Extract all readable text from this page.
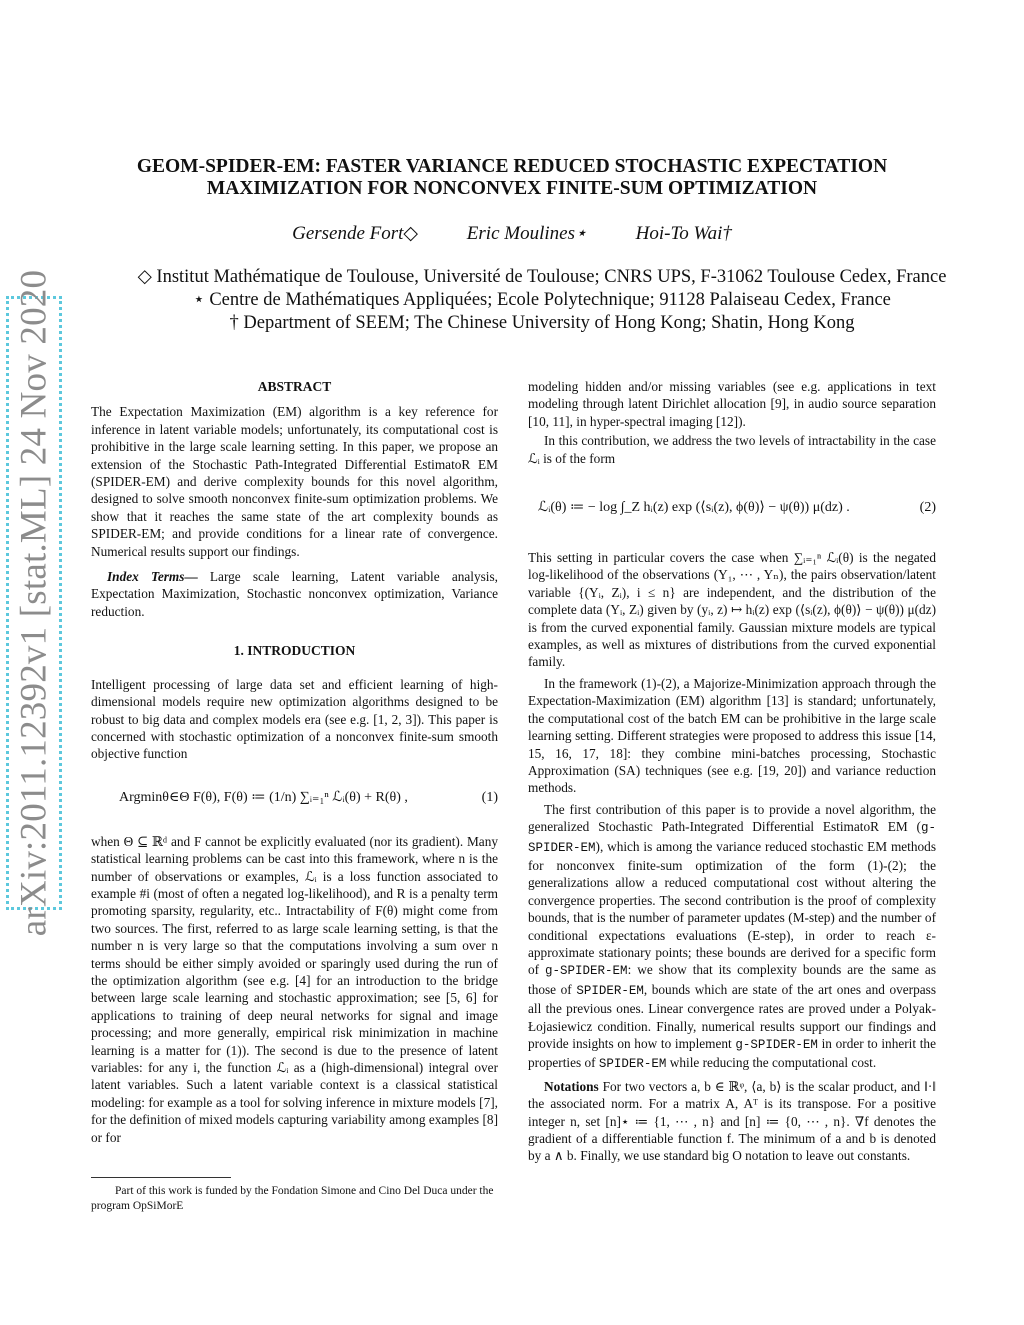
arXiv:2011.12392v1 [stat.ML] 24 Nov 2020
GEOM-SPIDER-EM: FASTER VARIANCE REDUCED STOCHASTIC EXPECTATION
MAXIMIZATION FOR NONCONVEX FINITE-SUM OPTIMIZATION
Gersende Fort◇	Eric Moulines⋆	Hoi-To Wai†
◇ Institut Mathématique de Toulouse, Université de Toulouse; CNRS UPS, F-31062 Toulouse Cedex, France
⋆ Centre de Mathématiques Appliquées; Ecole Polytechnique; 91128 Palaiseau Cedex, France
† Department of SEEM; The Chinese University of Hong Kong; Shatin, Hong Kong
ABSTRACT

The Expectation Maximization (EM) algorithm is a key reference for inference in latent variable models; unfortunately, its computational cost is prohibitive in the large scale learning setting. In this paper, we propose an extension of the Stochastic Path-Integrated Differential EstimatoR EM (SPIDER-EM) and derive complexity bounds for this novel algorithm, designed to solve smooth nonconvex finite-sum optimization problems. We show that it reaches the same state of the art complexity bounds as SPIDER-EM; and provide conditions for a linear rate of convergence. Numerical results support our findings.

Index Terms— Large scale learning, Latent variable analysis, Expectation Maximization, Stochastic nonconvex optimization, Variance reduction.

1. INTRODUCTION

Intelligent processing of large data set and efficient learning of high-dimensional models require new optimization algorithms designed to be robust to big data and complex models era (see e.g. [1, 2, 3]). This paper is concerned with stochastic optimization of a nonconvex finite-sum smooth objective function

Argminθ∈Θ F(θ), F(θ) ≔ (1/n) ∑ᵢ₌₁ⁿ ℒᵢ(θ) + R(θ) ,	(1)

when Θ ⊆ ℝᵈ and F cannot be explicitly evaluated (nor its gradient). Many statistical learning problems can be cast into this framework, where n is the number of observations or examples, ℒᵢ is a loss function associated to example #i (most of often a negated log-likelihood), and R is a penalty term promoting sparsity, regularity, etc.. Intractability of F(θ) might come from two sources. The first, referred to as large scale learning setting, is that the number n is very large so that the computations involving a sum over n terms should be either simply avoided or sparingly used during the run of the optimization algorithm (see e.g. [4] for an introduction to the bridge between large scale learning and stochastic approximation; see [5, 6] for applications to training of deep neural networks for signal and image processing; and more generally, empirical risk minimization in machine learning is a matter for (1)). The second is due to the presence of latent variables: for any i, the function ℒᵢ as a (high-dimensional) integral over latent variables. Such a latent variable context is a classical statistical modeling: for example as a tool for solving inference in mixture models [7], for the definition of mixed models capturing variability among examples [8] or for

Part of this work is funded by the Fondation Simone and Cino Del Duca under the program OpSiMorE

modeling hidden and/or missing variables (see e.g. applications in text modeling through latent Dirichlet allocation [9], in audio source separation [10, 11], in hyper-spectral imaging [12]).

In this contribution, we address the two levels of intractability in the case ℒᵢ is of the form

ℒᵢ(θ) ≔ − log ∫_Z hᵢ(z) exp (⟨sᵢ(z), ϕ(θ)⟩ − ψ(θ)) μ(dz) .	(2)

This setting in particular covers the case when ∑ᵢ₌₁ⁿ ℒᵢ(θ) is the negated log-likelihood of the observations (Y₁, ⋯ , Yₙ), the pairs observation/latent variable {(Yᵢ, Zᵢ), i ≤ n} are independent, and the distribution of the complete data (Yᵢ, Zᵢ) given by (yᵢ, z) ↦ hᵢ(z) exp (⟨sᵢ(z), ϕ(θ)⟩ − ψ(θ)) μ(dz) is from the curved exponential family. Gaussian mixture models are typical examples, as well as mixtures of distributions from the curved exponential family.

In the framework (1)-(2), a Majorize-Minimization approach through the Expectation-Maximization (EM) algorithm [13] is standard; unfortunately, the computational cost of the batch EM can be prohibitive in the large scale learning setting. Different strategies were proposed to address this issue [14, 15, 16, 17, 18]: they combine mini-batches processing, Stochastic Approximation (SA) techniques (see e.g. [19, 20]) and variance reduction methods.

The first contribution of this paper is to provide a novel algorithm, the generalized Stochastic Path-Integrated Differential EstimatoR EM (g-SPIDER-EM), which is among the variance reduced stochastic EM methods for nonconvex finite-sum optimization of the form (1)-(2); the generalizations allow a reduced computational cost without altering the convergence properties. The second contribution is the proof of complexity bounds, that is the number of parameter updates (M-step) and the number of conditional expectations evaluations (E-step), in order to reach ε-approximate stationary points; these bounds are derived for a specific form of g-SPIDER-EM: we show that its complexity bounds are the same as those of SPIDER-EM, bounds which are state of the art ones and overpass all the previous ones. Linear convergence rates are proved under a Polyak-Łojasiewicz condition. Finally, numerical results support our findings and provide insights on how to implement g-SPIDER-EM in order to inherit the properties of SPIDER-EM while reducing the computational cost.

Notations For two vectors a, b ∈ ℝᵠ, ⟨a, b⟩ is the scalar product, and ‖·‖ the associated norm. For a matrix A, Aᵀ is its transpose. For a positive integer n, set [n]⋆ ≔ {1, ⋯ , n} and [n] ≔ {0, ⋯ , n}. ∇f denotes the gradient of a differentiable function f. The minimum of a and b is denoted by a ∧ b. Finally, we use standard big O notation to leave out constants.
